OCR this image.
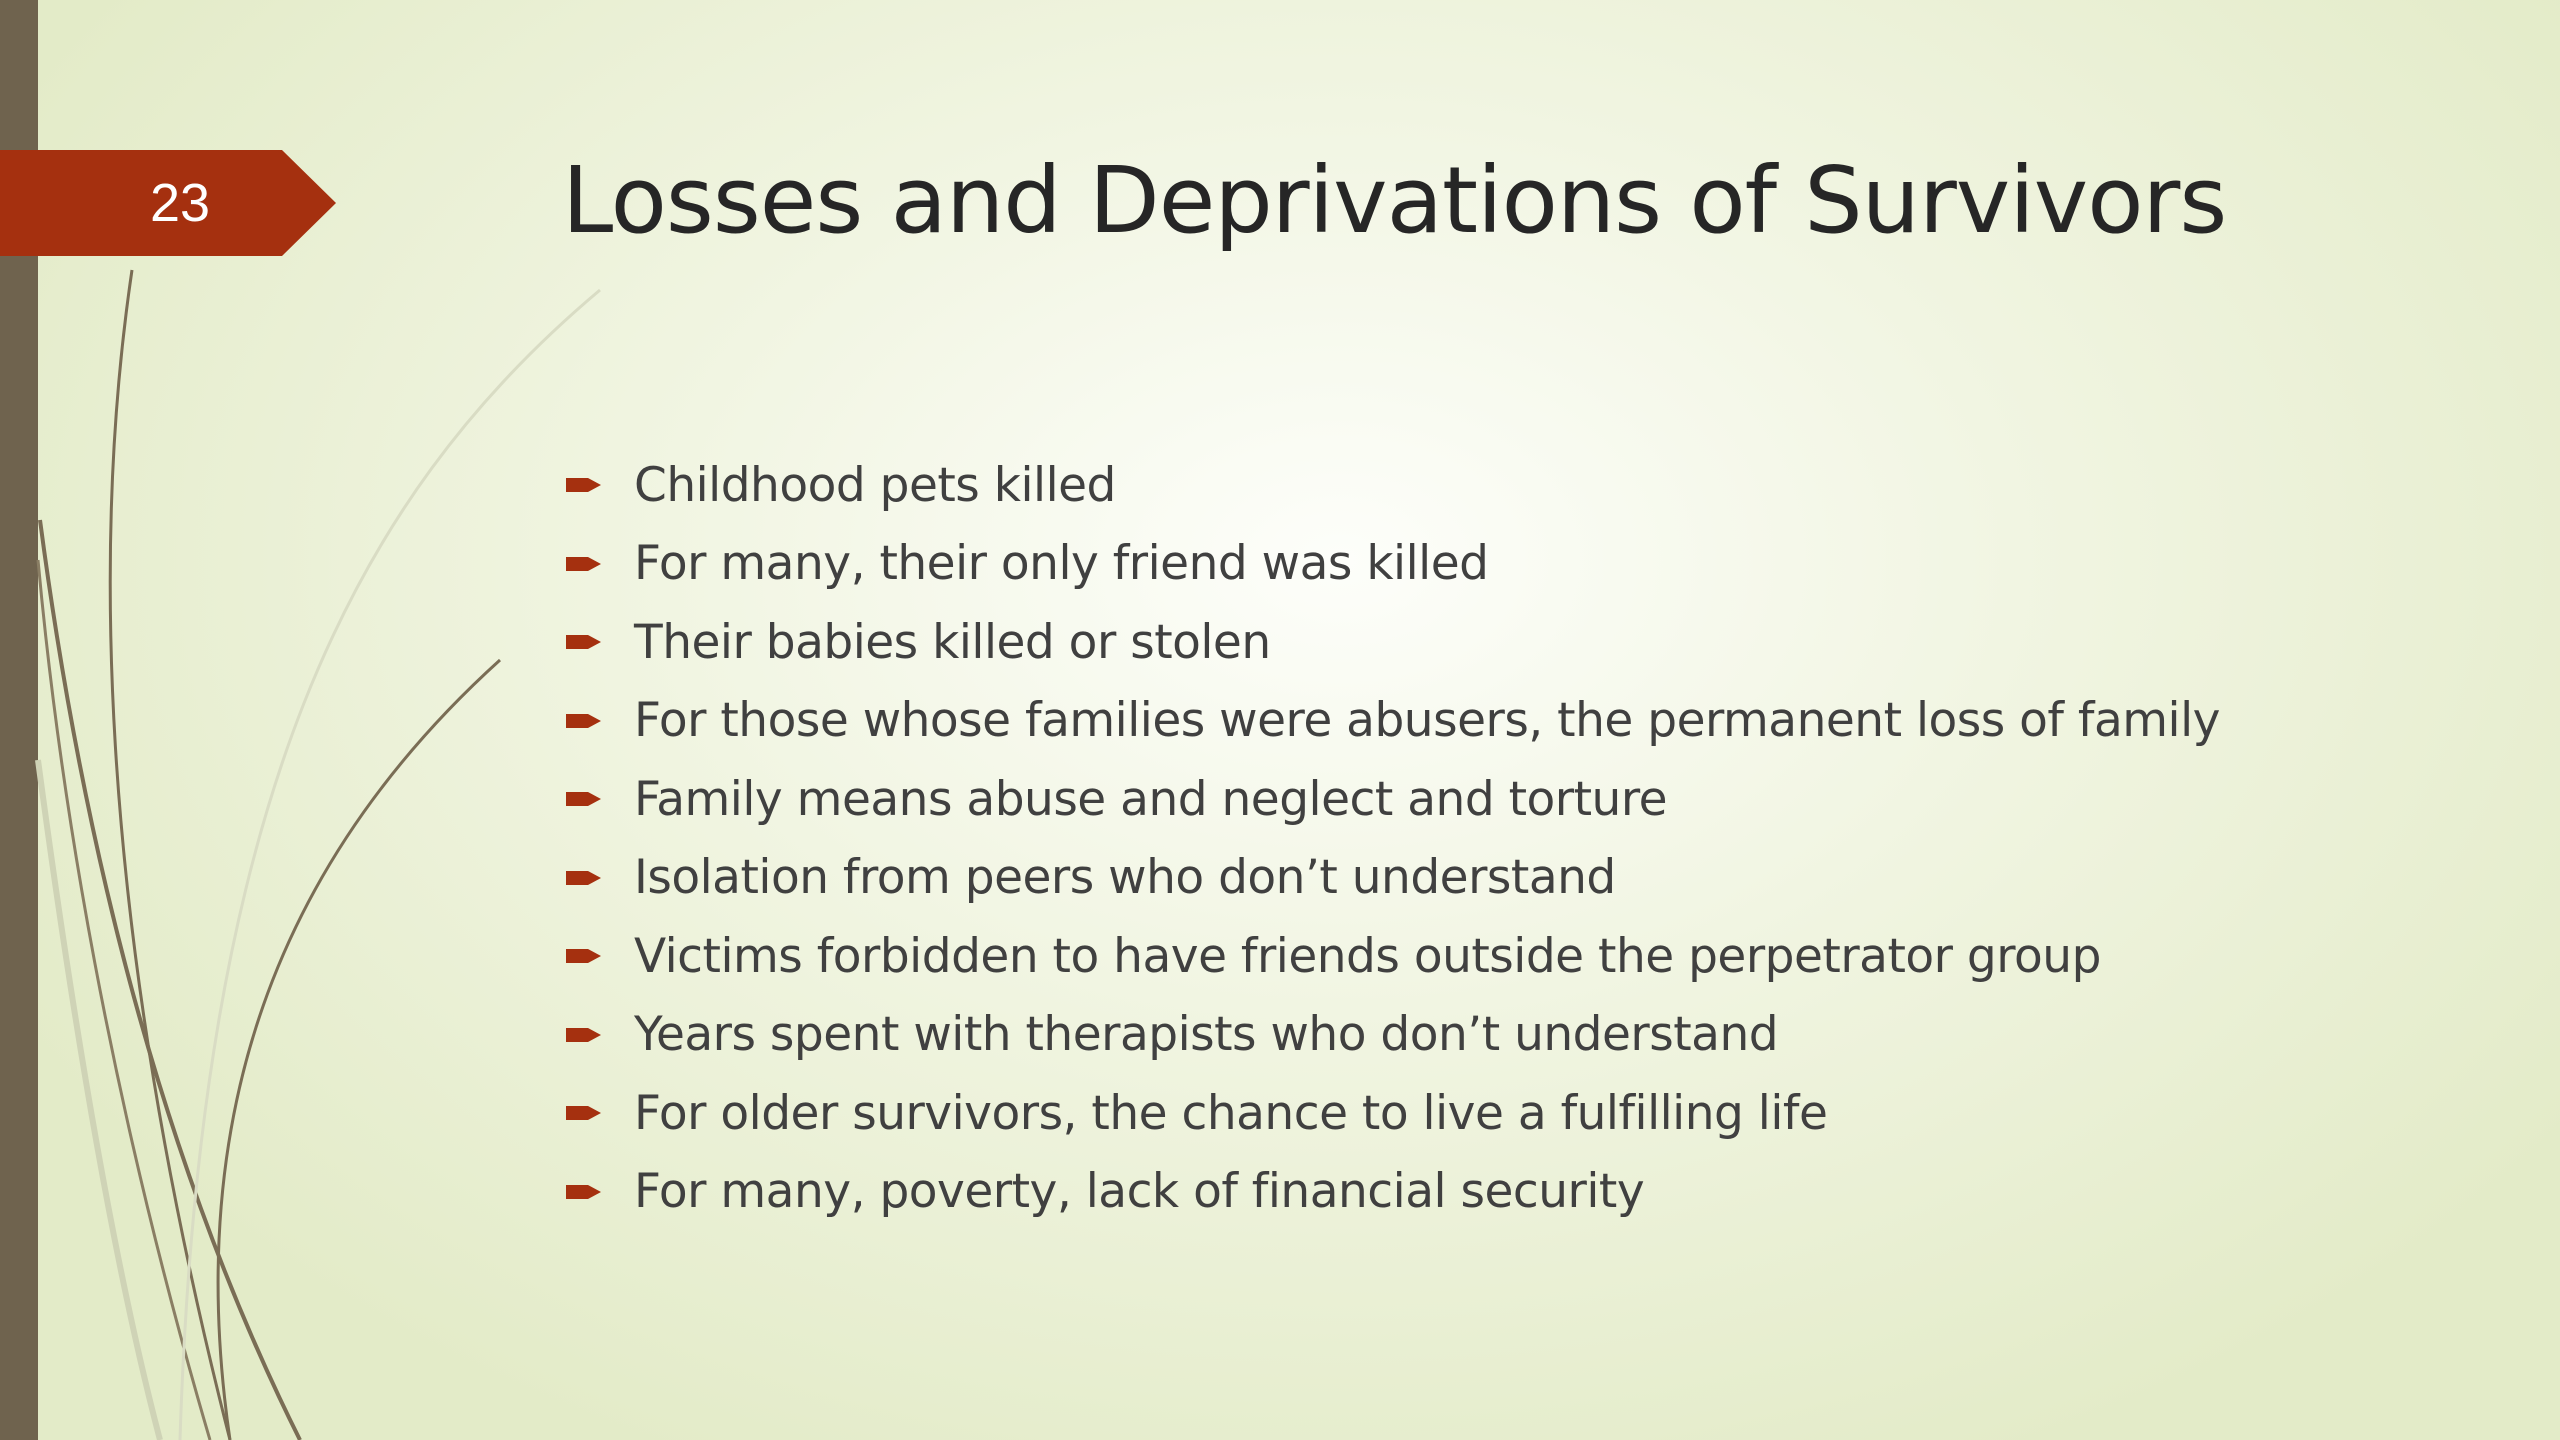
23	Losses and Deprivations of Survivors
Childhood pets killed
For many, their only friend was killed
Their babies killed or stolen
For those whose families were abusers, the permanent loss of family
Family means abuse and neglect and torture
Isolation from peers who don’t understand
Victims forbidden to have friends outside the perpetrator group
Years spent with therapists who don’t understand
For older survivors, the chance to live a fulfilling life
For many, poverty, lack of financial security
